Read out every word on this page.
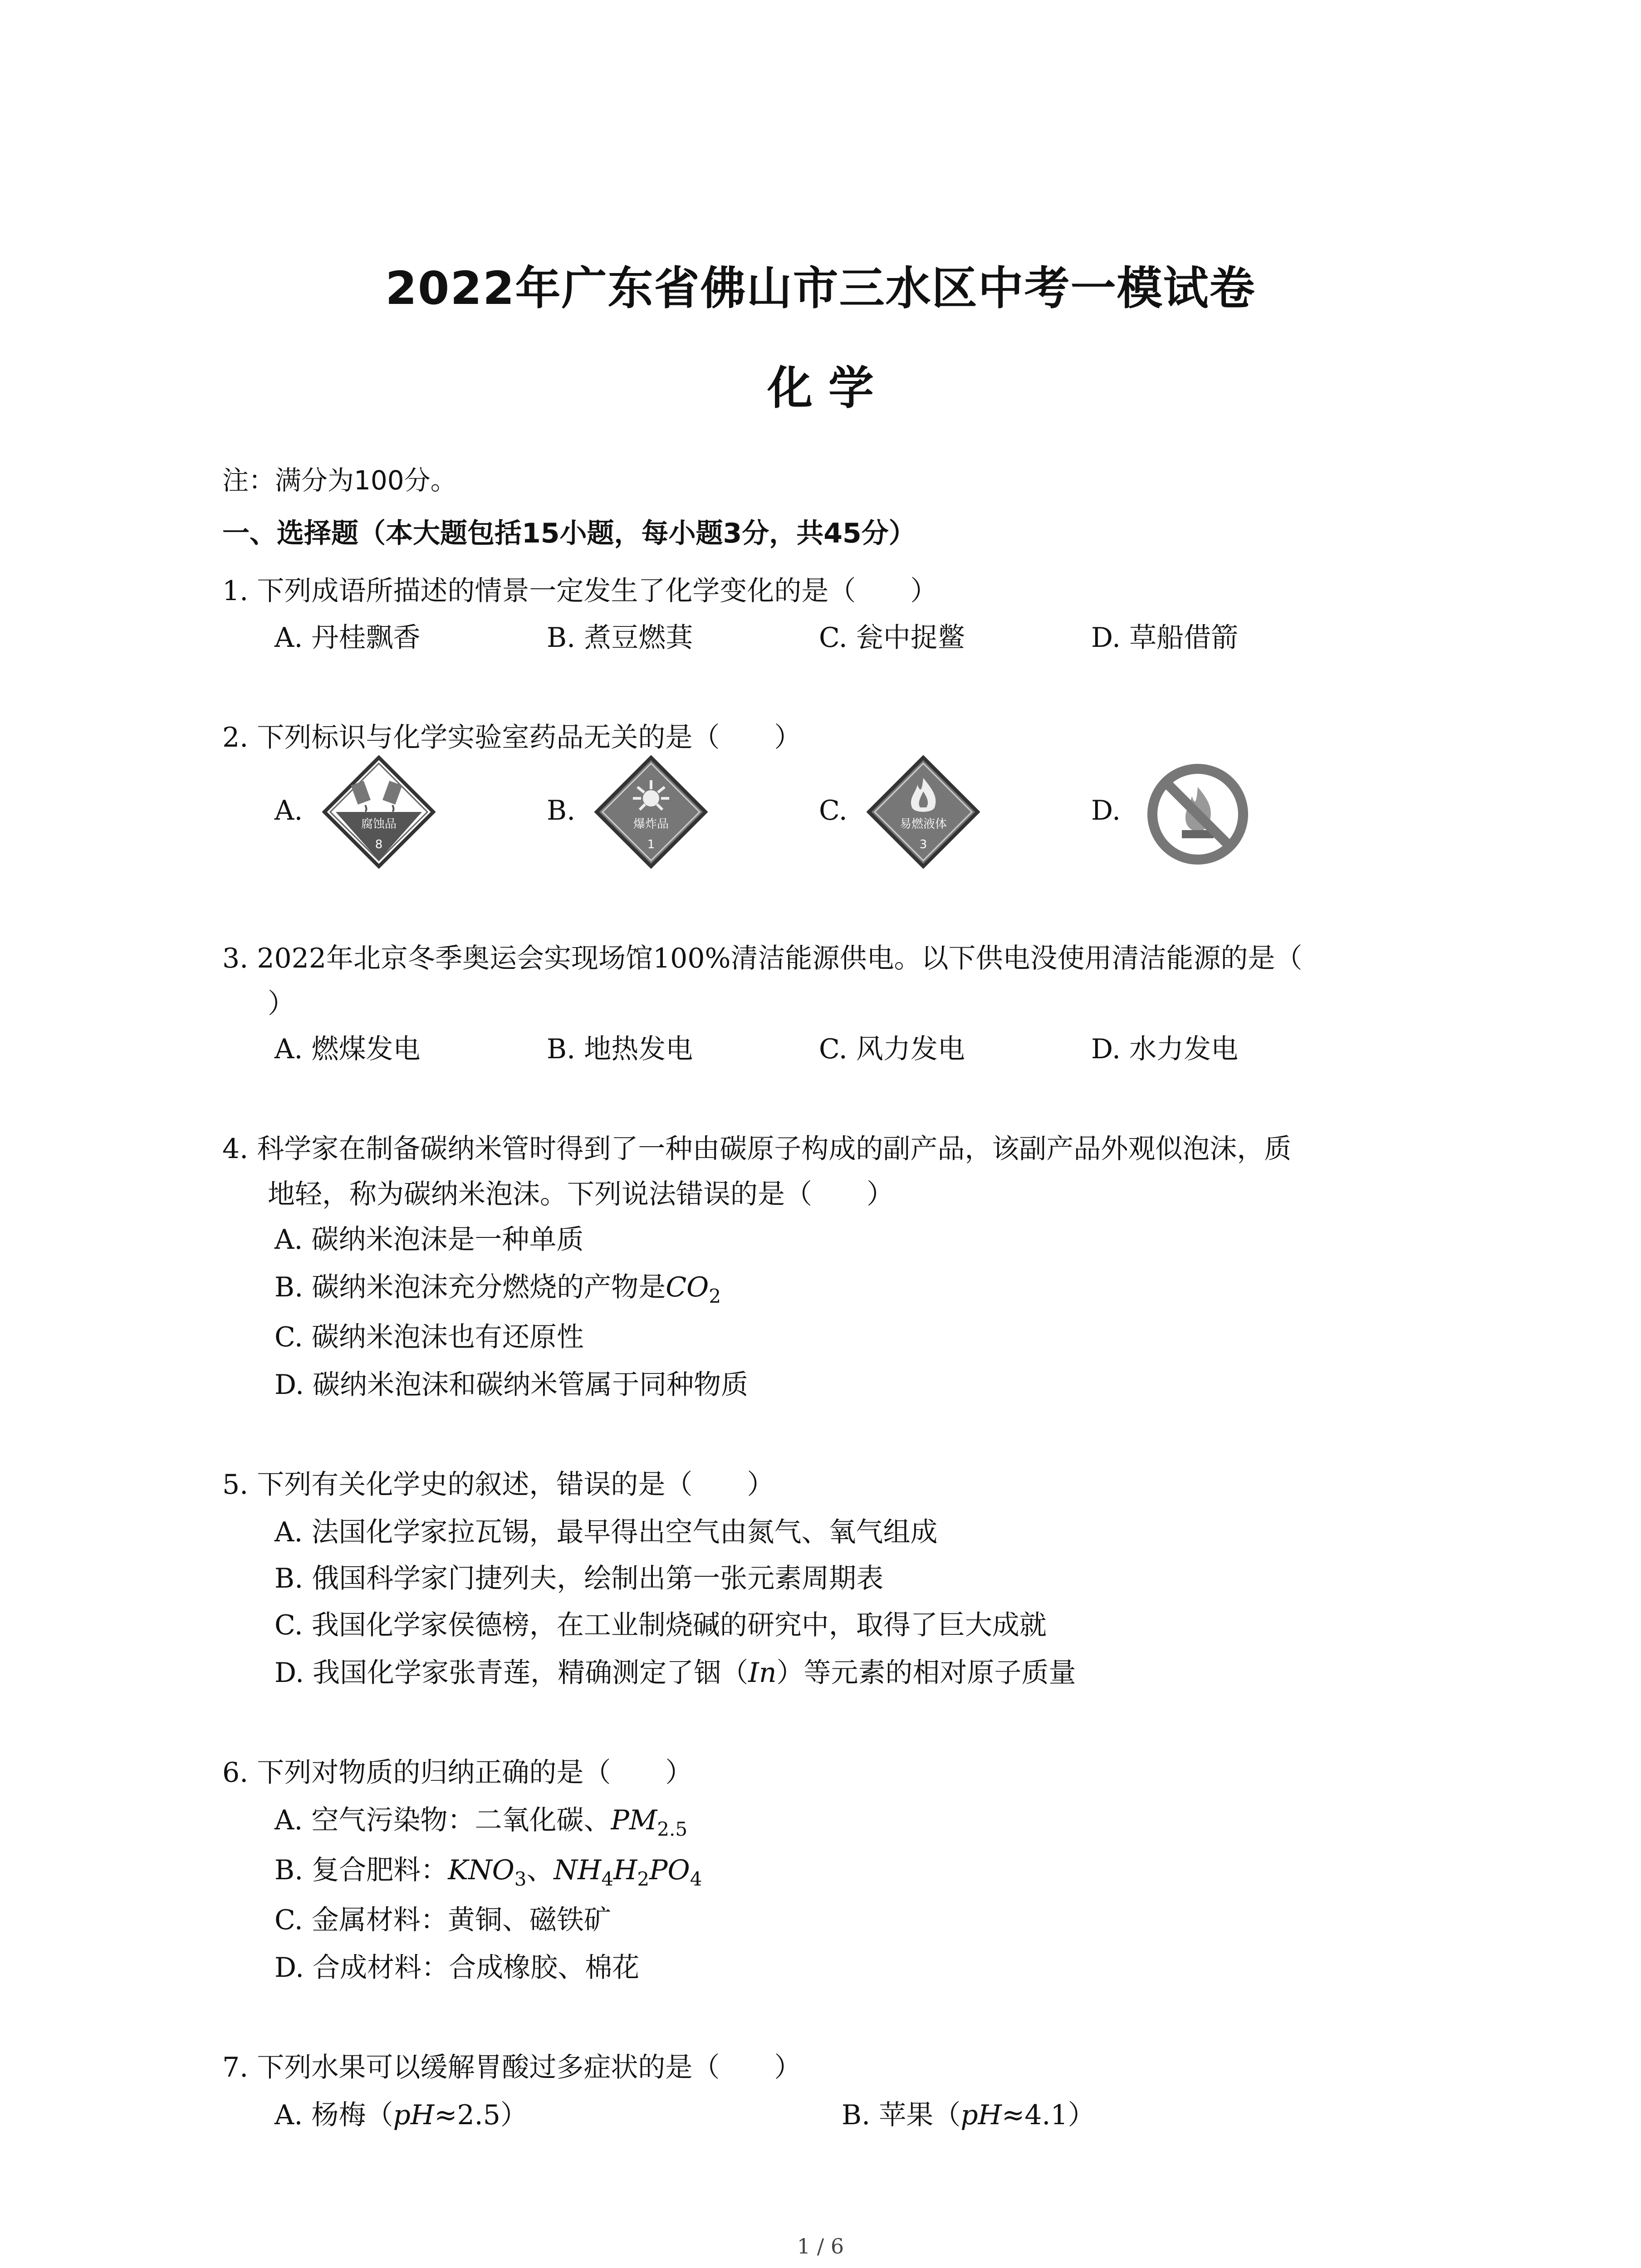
2022年广东省佛山市三水区中考一模试卷
化 学
注：满分为100分。
一、选择题（本大题包括15小题，每小题3分，共45分）
1. 下列成语所描述的情景一定发生了化学变化的是（　　）
A. 丹桂飘香	B. 煮豆燃萁	C. 瓮中捉鳖	D. 草船借箭
2. 下列标识与化学实验室药品无关的是（　　）
A.	B.	C.	D.
腐蚀品
8
爆炸品
1
易燃液体
3
3. 2022年北京冬季奥运会实现场馆100%清洁能源供电。以下供电没使用清洁能源的是（
）
A. 燃煤发电	B. 地热发电	C. 风力发电	D. 水力发电
4. 科学家在制备碳纳米管时得到了一种由碳原子构成的副产品，该副产品外观似泡沫，质
地轻，称为碳纳米泡沫。下列说法错误的是（　　）
A. 碳纳米泡沫是一种单质
B. 碳纳米泡沫充分燃烧的产物是$CO_2$
C. 碳纳米泡沫也有还原性
D. 碳纳米泡沫和碳纳米管属于同种物质
5. 下列有关化学史的叙述，错误的是（　　）
A. 法国化学家拉瓦锡，最早得出空气由氮气、氧气组成
B. 俄国科学家门捷列夫，绘制出第一张元素周期表
C. 我国化学家侯德榜，在工业制烧碱的研究中，取得了巨大成就
D. 我国化学家张青莲，精确测定了铟（In）等元素的相对原子质量
6. 下列对物质的归纳正确的是（　　）
A. 空气污染物：二氧化碳、$PM_{2.5}$
B. 复合肥料：$KNO_3$、$NH_4H_2PO_4$
C. 金属材料：黄铜、磁铁矿
D. 合成材料：合成橡胶、棉花
7. 下列水果可以缓解胃酸过多症状的是（　　）
A. 杨梅（pH≈2.5）	B. 苹果（pH≈4.1）
1 / 6
